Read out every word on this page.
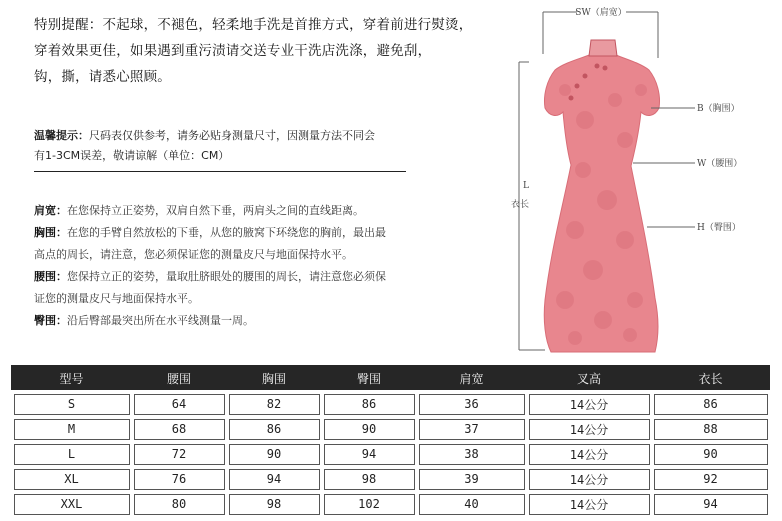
特别提醒：不起球，不褪色，轻柔地手洗是首推方式，穿着前进行熨烫，

穿着效果更佳，如果遇到重污渍请交送专业干洗店洗涤，避免刮，

钩，撕，请悉心照顾。

温馨提示：尺码表仅供参考，请务必贴身测量尺寸，因测量方法不同会

有1-3CM误差，敬请谅解（单位：CM）

肩宽：在您保持立正姿势，双肩自然下垂，两肩头之间的直线距离。

胸围：在您的手臂自然放松的下垂，从您的腋窝下环绕您的胸前，最出最

高点的周长，请注意，您必须保证您的测量皮尺与地面保持水平。

腰围：您保持立正的姿势，量取肚脐眼处的腰围的周长，请注意您必须保

证您的测量皮尺与地面保持水平。

臀围：沿后臀部最突出所在水平线测量一周。

SW（肩宽）
L
衣长
B（胸围）
W（腰围）
H（臀围）
型号	腰围	胸围	臀围	肩宽	叉高	衣长
S	64	82	86	36	14公分	86
M	68	86	90	37	14公分	88
L	72	90	94	38	14公分	90
XL	76	94	98	39	14公分	92
XXL	80	98	102	40	14公分	94
